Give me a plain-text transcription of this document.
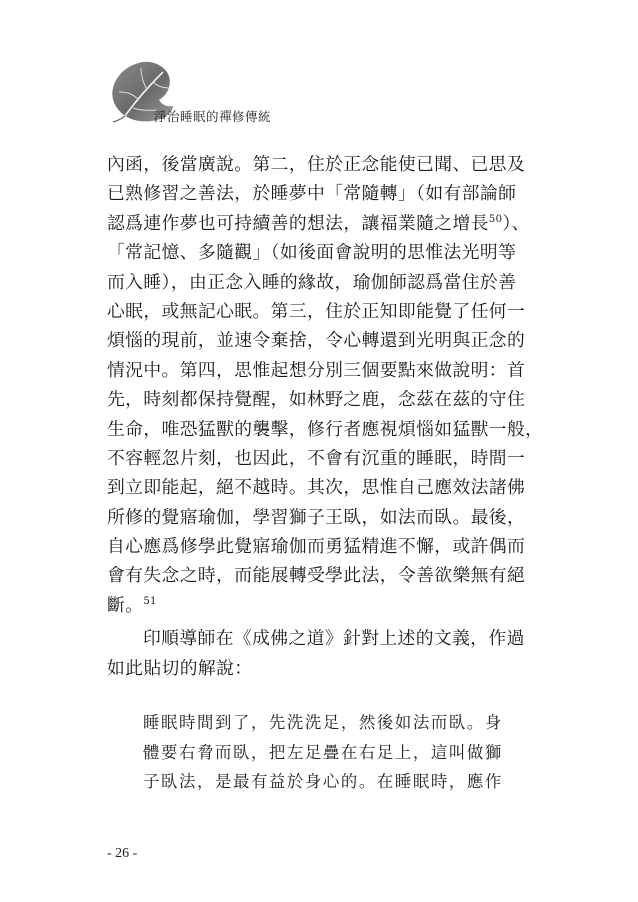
淨治睡眠的禪修傳統
內函，後當廣說。第二，住於正念能使已聞、已思及
已熟修習之善法，於睡夢中「常隨轉」（如有部論師
認爲連作夢也可持續善的想法，讓福業隨之增長$^{50}$）、
「常記憶、多隨觀」（如後面會說明的思惟法光明等
而入睡），由正念入睡的緣故，瑜伽師認爲當住於善
心眠，或無記心眠。第三，住於正知即能覺了任何一
煩惱的現前，並速令棄捨，令心轉還到光明與正念的
情況中。第四，思惟起想分別三個要點來做說明：首
先，時刻都保持覺醒，如林野之鹿，念茲在茲的守住
生命，唯恐猛獸的襲擊，修行者應視煩惱如猛獸一般，
不容輕忽片刻，也因此，不會有沉重的睡眠，時間一
到立即能起，絕不越時。其次，思惟自己應效法諸佛
所修的覺寤瑜伽，學習獅子王臥，如法而臥。最後，
自心應爲修學此覺寤瑜伽而勇猛精進不懈，或許偶而
會有失念之時，而能展轉受學此法，令善欲樂無有絕
斷。$^{51}$
印順導師在《成佛之道》針對上述的文義，作過
如此貼切的解說：
睡眠時間到了，先洗洗足，然後如法而臥。身
體要右脅而臥，把左足疊在右足上，這叫做獅
子臥法，是最有益於身心的。在睡眠時，應作
- 26 -
